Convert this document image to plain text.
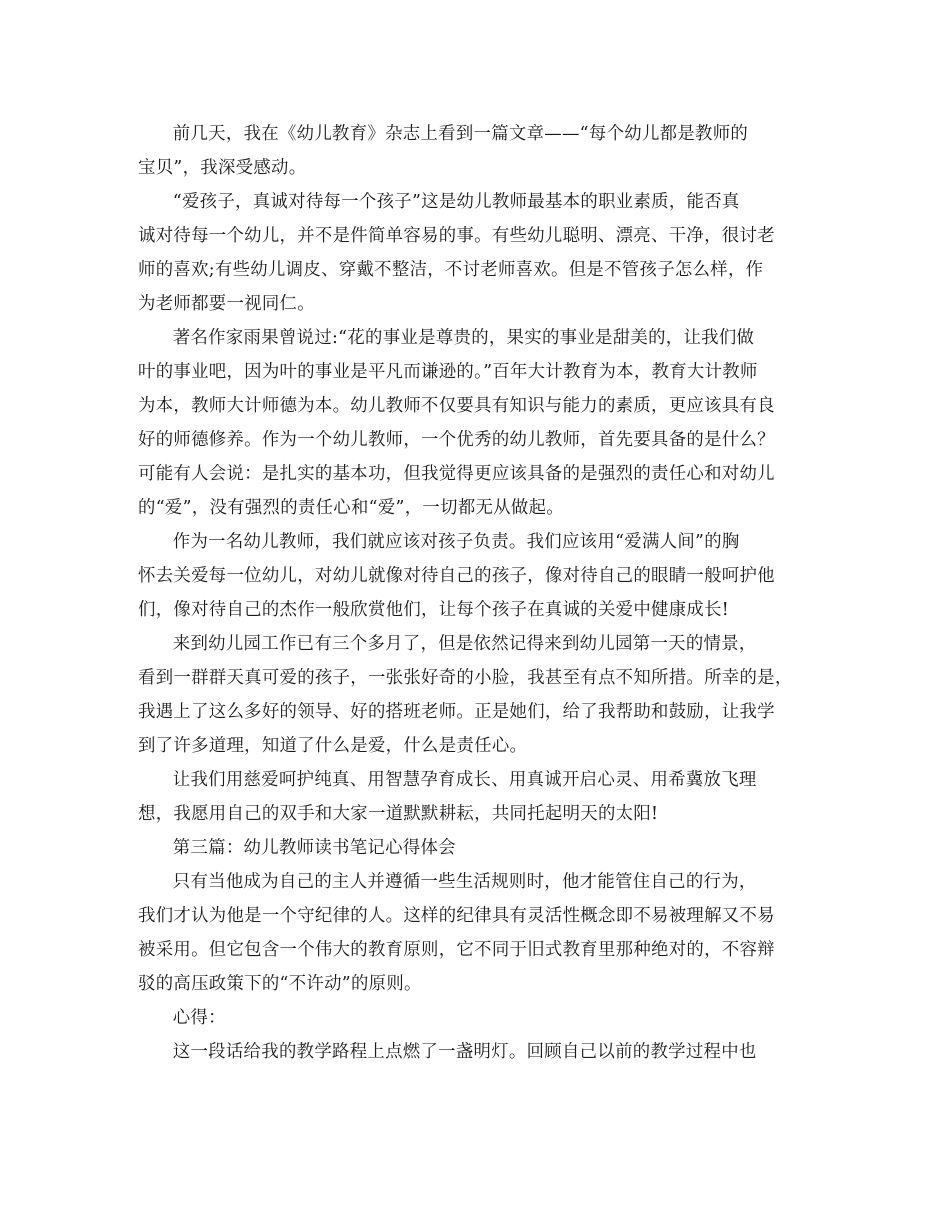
前几天，我在《幼儿教育》杂志上看到一篇文章——“每个幼儿都是教师的
宝贝”，我深受感动。

“爱孩子，真诚对待每一个孩子”这是幼儿教师最基本的职业素质，能否真
诚对待每一个幼儿，并不是件简单容易的事。有些幼儿聪明、漂亮、干净，很讨老
师的喜欢;有些幼儿调皮、穿戴不整洁，不讨老师喜欢。但是不管孩子怎么样，作
为老师都要一视同仁。

著名作家雨果曾说过:“花的事业是尊贵的，果实的事业是甜美的，让我们做
叶的事业吧，因为叶的事业是平凡而谦逊的。”百年大计教育为本，教育大计教师
为本，教师大计师德为本。幼儿教师不仅要具有知识与能力的素质，更应该具有良
好的师德修养。作为一个幼儿教师，一个优秀的幼儿教师，首先要具备的是什么？
可能有人会说：是扎实的基本功，但我觉得更应该具备的是强烈的责任心和对幼儿
的“爱”，没有强烈的责任心和“爱”，一切都无从做起。

作为一名幼儿教师，我们就应该对孩子负责。我们应该用“爱满人间”的胸
怀去关爱每一位幼儿，对幼儿就像对待自己的孩子，像对待自己的眼睛一般呵护他
们，像对待自己的杰作一般欣赏他们，让每个孩子在真诚的关爱中健康成长!

来到幼儿园工作已有三个多月了，但是依然记得来到幼儿园第一天的情景，
看到一群群天真可爱的孩子，一张张好奇的小脸，我甚至有点不知所措。所幸的是，
我遇上了这么多好的领导、好的搭班老师。正是她们，给了我帮助和鼓励，让我学
到了许多道理，知道了什么是爱，什么是责任心。

让我们用慈爱呵护纯真、用智慧孕育成长、用真诚开启心灵、用希冀放飞理
想，我愿用自己的双手和大家一道默默耕耘，共同托起明天的太阳!

第三篇：幼儿教师读书笔记心得体会

只有当他成为自己的主人并遵循一些生活规则时，他才能管住自己的行为，
我们才认为他是一个守纪律的人。这样的纪律具有灵活性概念即不易被理解又不易
被采用。但它包含一个伟大的教育原则，它不同于旧式教育里那种绝对的，不容辩
驳的高压政策下的“不许动”的原则。

心得：

这一段话给我的教学路程上点燃了一盏明灯。回顾自己以前的教学过程中也
